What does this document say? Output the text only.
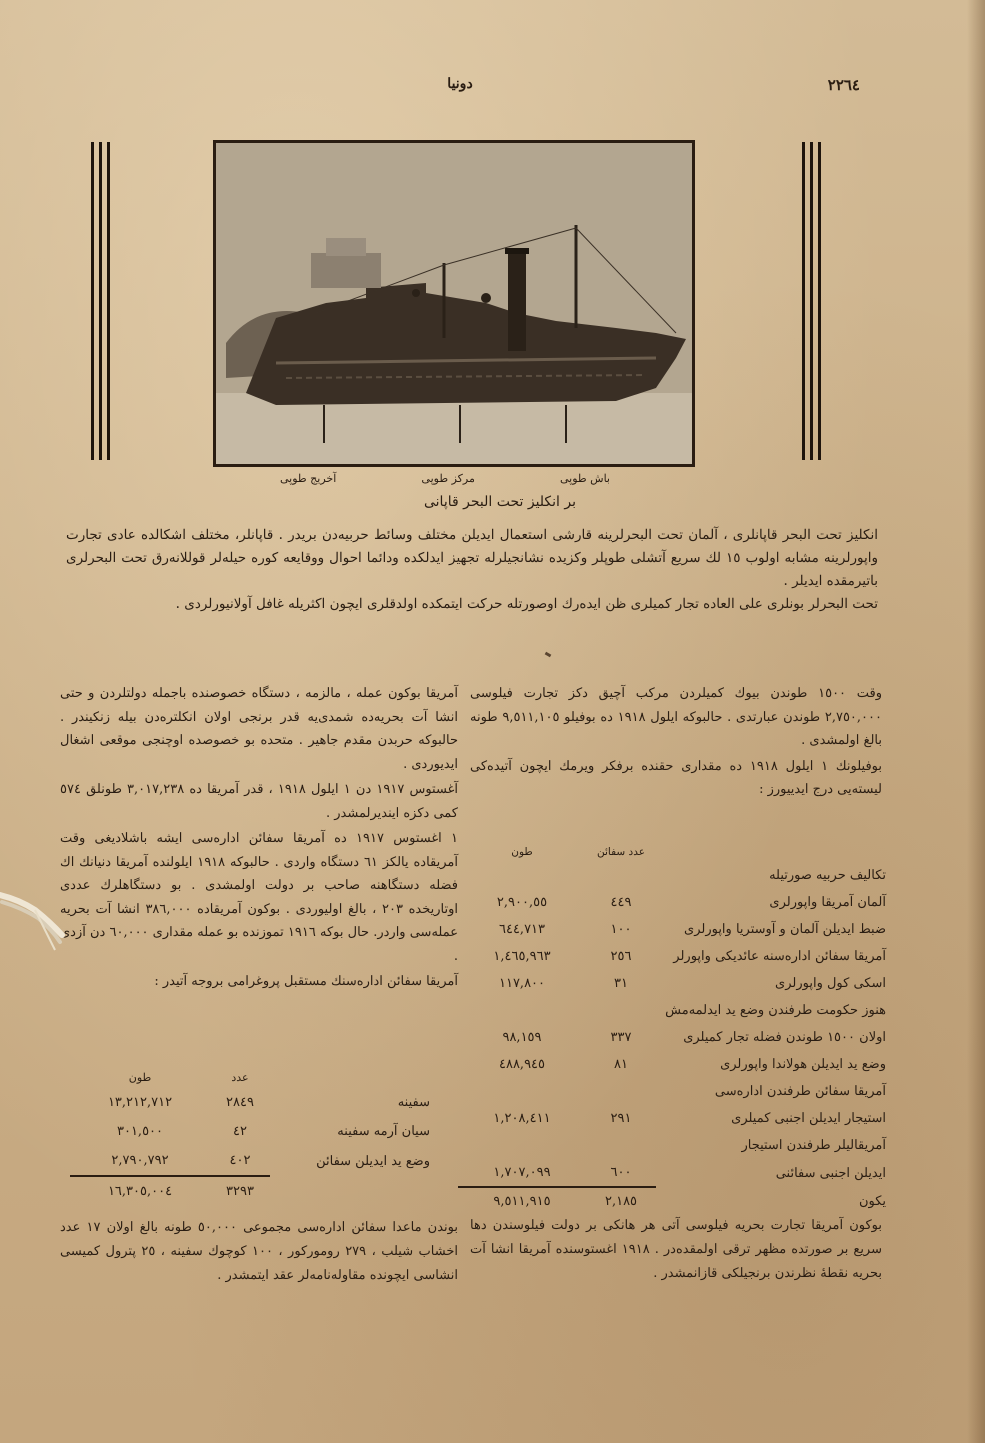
دونیا	٢٢٦٤
باش طوپی
مرکز طوپی
آخریج طوپی
بر انکلیز تحت البحر قاپانی

انکلیز تحت البحر قاپانلری ، آلمان تحت البحرلرینه قارشی استعمال ایدیلن مختلف وسائط حربیه‌دن بریدر . قاپانلر، مختلف اشکالده عادی تجارت واپورلرینه مشابه اولوب ١٥ لك سریع آتشلی طوپلر وکزیده نشانجیلرله تجهیز ایدلکده ودائما احوال ووقایعه کوره حیله‌لر قوللانه‌رق تحت البحرلری باتیرمقده ایدیلر .

تحت البحرلر بونلری علی العاده تجار کمیلری ظن ایده‌رك اوصورتله حرکت ایتمکده اولدقلری ایچون اکثریله غافل آولانیورلردی .

وقت ١٥٠٠ طوندن بیوك کمیلردن مرکب آچیق دکز تجارت فیلوسی ٢,٧٥٠,٠٠٠ طوندن عبارتدی . حالبوکه ایلول ١٩١٨ ده بوفیلو ٩,٥١١,١٠٥ طونه بالغ اولمشدی .

بوفیلونك ١ ایلول ١٩١٨ ده مقداری حقنده برفکر ویرمك ایچون آتیده‌کی لیسته‌یی درج ایدییورز :

	عدد سفائن	طون
تکالیف حربیه صورتیله		
آلمان آمریقا واپورلری	٤٤٩	٢,٩٠٠,٥٥
ضبط ایدیلن آلمان و آوستریا واپورلری	١٠٠	٦٤٤,٧١٣
آمریقا سفائن اداره‌سنه عائدیکی واپورلر	٢٥٦	١,٤٦٥,٩٦٣
اسکی کول واپورلری	٣١	١١٧,٨٠٠
هنوز حکومت طرفندن وضع ید ایدلمه‌مش		
اولان ١٥٠٠ طوندن فضله تجار کمیلری	٣٣٧	٩٨,١٥٩
وضع ید ایدیلن هولاندا واپورلری	٨١	٤٨٨,٩٤٥
آمریقا سفائن طرفندن اداره‌سی		
استیجار ایدیلن اجنبی کمیلری	٢٩١	١,٢٠٨,٤١١
آمریقالیلر طرفندن استیجار		
ایدیلن اجنبی سفائنی	٦٠٠	١,٧٠٧,٠٩٩
یکون	٢,١٨٥	٩,٥١١,٩١٥

بوکون آمریقا تجارت بحریه فیلوسی آتی هر هانکی بر دولت فیلوسندن دها سریع بر صورتده مظهر ترقی اولمقده‌در . ١٩١٨ اغستوسنده آمریقا انشا آت بحریه نقطهٔ نظرندن برنجیلکی قازانمشدر .

آمریقا بوکون عمله ، مالزمه ، دستگاه خصوصنده باجمله دولتلردن و حتی انشا آت بحریه‌ده شمدی‌یه قدر برنجی اولان انکلتره‌دن بیله زنکیندر . حالبوکه حربدن مقدم جاهیر . متحده بو خصوصده اوچنجی موقعی اشغال ایدیوردی .

آغستوس ١٩١٧ دن ١ ایلول ١٩١٨ ، قدر آمریقا ده ٣,٠١٧,٢٣٨ طونلق ٥٧٤ کمی دکزه ایندیرلمشدر .

١ اغستوس ١٩١٧ ده آمریقا سفائن اداره‌سی ایشه باشلادیغی وقت آمریقاده یالکز ٦١ دستگاه واردی . حالبوکه ١٩١٨ ایلولنده آمریقا دنیانك اك فضله دستگاهنه صاحب بر دولت اولمشدی . بو دستگاهلرك عددی اوتاریخده ٢٠٣ ، بالغ اولیوردی . بوکون آمریقاده ٣٨٦,٠٠٠ انشا آت بحریه عمله‌سی واردر. حال بوکه ١٩١٦ تموزنده بو عمله مقداری ٦٠,٠٠٠ دن آزدی .

آمریقا سفائن اداره‌سنك مستقبل پروغرامی بروجه آتیدر :

	عدد	طون
سفینه	٢٨٤٩	١٣,٢١٢,٧١٢
سیان آرمه سفینه	٤٢	٣٠١,٥٠٠
وضع ید ایدیلن سفائن	٤٠٢	٢,٧٩٠,٧٩٢
	٣٢٩٣	١٦,٣٠٥,٠٠٤

بوندن ماعدا سفائن اداره‌سی مجموعی ٥٠,٠٠٠ طونه بالغ اولان ١٧ عدد اخشاب شیلب ، ٢٧٩ رومورکور ، ١٠٠ کوچوك سفینه ، ٢٥ پترول کمیسی انشاسی ایچونده مقاوله‌نامه‌لر عقد ایتمشدر .
